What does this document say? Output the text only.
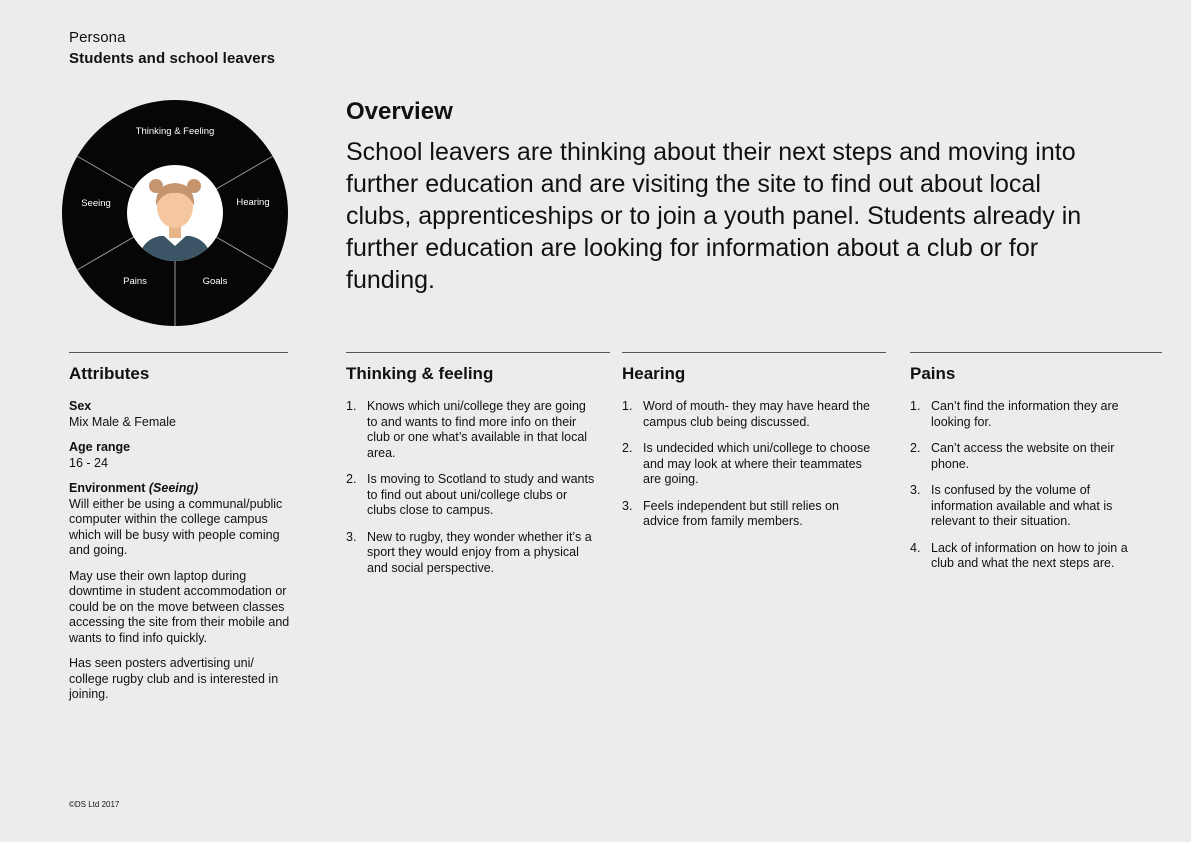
Persona
Students and school leavers
Thinking & Feeling
Hearing
Goals
Pains
Seeing
Overview
School leavers are thinking about their next steps and moving into further education and are visiting the site to find out about local clubs, apprenticeships or to join a youth panel. Students already in further education are looking for information about a club or for funding.
Attributes
Sex
Mix Male & Female
Age range
16 - 24
Environment (Seeing)
Will either be using a communal/public computer within the college campus which will be busy with people coming and going.
May use their own laptop during downtime in student accommodation or could be on the move between classes accessing the site from their mobile and wants to find info quickly.
Has seen posters advertising uni/ college rugby club and is interested in joining.
Thinking & feeling
1. Knows which uni/college they are going to and wants to find more info on their club or one what’s available in that local area.
2. Is moving to Scotland to study and wants to find out about uni/college clubs or clubs close to campus.
3. New to rugby, they wonder whether it’s a sport they would enjoy from a physical and social perspective.
Hearing
1. Word of mouth- they may have heard the campus club being discussed.
2. Is undecided which uni/college to choose and may look at where their teammates are going.
3. Feels independent but still relies on advice from family members.
Pains
1. Can’t find the information they are looking for.
2. Can’t access the website on their phone.
3. Is confused by the volume of information available and what is relevant to their situation.
4. Lack of information on how to join a club and what the next steps are.
©DS Ltd 2017
